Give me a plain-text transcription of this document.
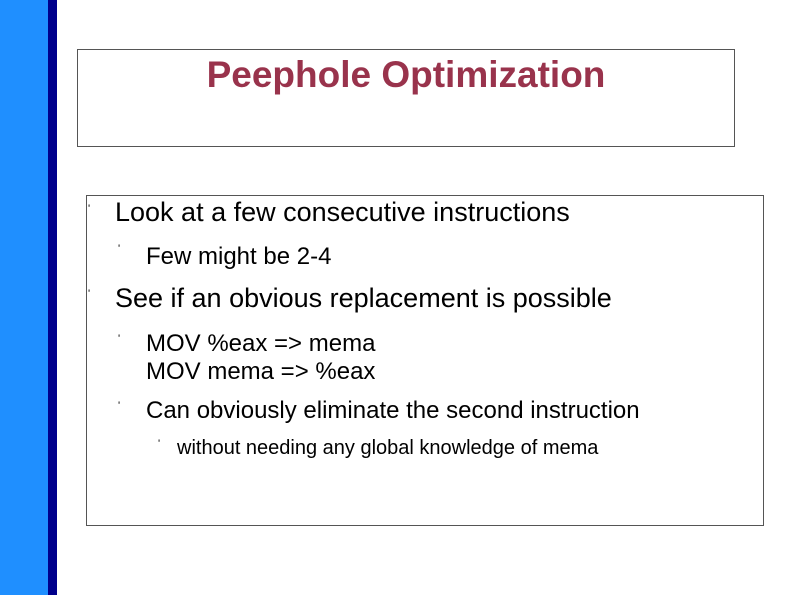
Peephole Optimization
' Look at a few consecutive instructions
' Few might be 2-4
' See if an obvious replacement is possible
' MOV %eax => mema
MOV mema => %eax
' Can obviously eliminate the second instruction
' without needing any global knowledge of mema
